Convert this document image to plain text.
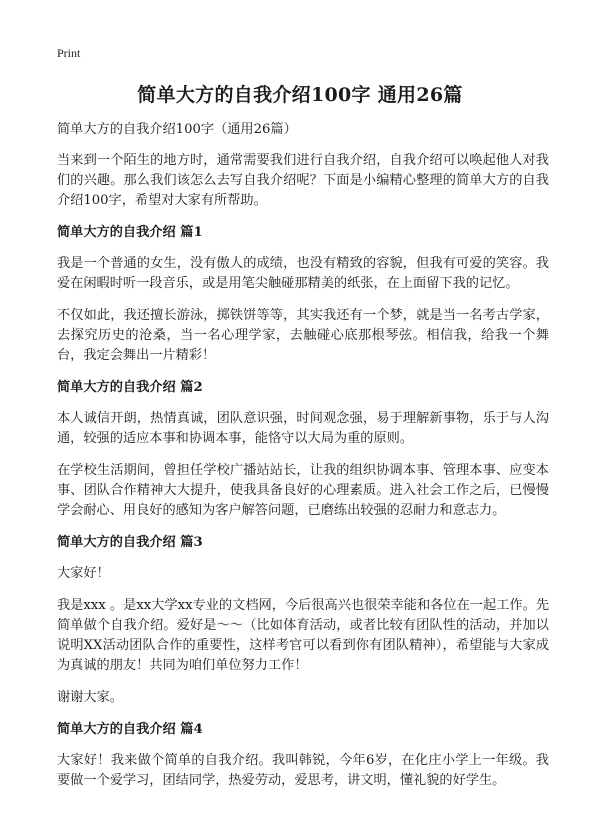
Print
简单大方的自我介绍100字 通用26篇

简单大方的自我介绍100字（通用26篇）

当来到一个陌生的地方时，通常需要我们进行自我介绍，自我介绍可以唤起他人对我们的兴趣。那么我们该怎么去写自我介绍呢？下面是小编精心整理的简单大方的自我介绍100字，希望对大家有所帮助。

简单大方的自我介绍 篇1

我是一个普通的女生，没有傲人的成绩，也没有精致的容貌，但我有可爱的笑容。我爱在闲暇时听一段音乐，或是用笔尖触碰那精美的纸张，在上面留下我的记忆。

不仅如此，我还擅长游泳，掷铁饼等等，其实我还有一个梦，就是当一名考古学家，去探究历史的沧桑，当一名心理学家，去触碰心底那根琴弦。相信我，给我一个舞台，我定会舞出一片精彩！

简单大方的自我介绍 篇2

本人诚信开朗，热情真诚，团队意识强，时间观念强，易于理解新事物，乐于与人沟通，较强的适应本事和协调本事，能恪守以大局为重的原则。

在学校生活期间，曾担任学校广播站站长，让我的组织协调本事、管理本事、应变本事、团队合作精神大大提升，使我具备良好的心理素质。进入社会工作之后，已慢慢学会耐心、用良好的感知为客户解答问题，已磨练出较强的忍耐力和意志力。

简单大方的自我介绍 篇3

大家好！

我是xxx 。是xx大学xx专业的文档网，今后很高兴也很荣幸能和各位在一起工作。先简单做个自我介绍。爱好是～～（比如体育活动，或者比较有团队性的活动，并加以说明XX活动团队合作的重要性，这样考官可以看到你有团队精神），希望能与大家成为真诚的朋友！共同为咱们单位努力工作！

谢谢大家。

简单大方的自我介绍 篇4

大家好！我来做个简单的自我介绍。我叫韩锐，今年6岁，在化庄小学上一年级。我要做一个爱学习，团结同学，热爱劳动，爱思考，讲文明，懂礼貌的好学生。
